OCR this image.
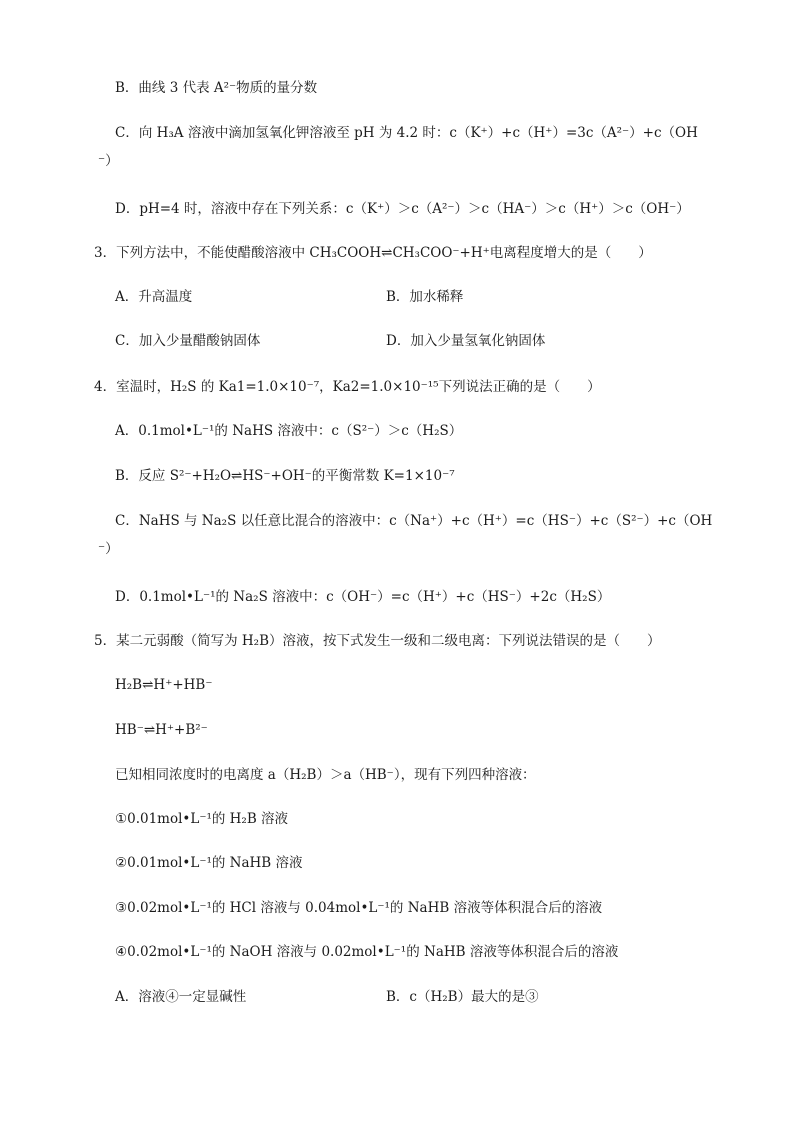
B．曲线 3 代表 A²⁻物质的量分数
C．向 H₃A 溶液中滴加氢氧化钾溶液至 pH 为 4.2 时：c（K⁺）+c（H⁺）=3c（A²⁻）+c（OH
⁻）
D．pH=4 时，溶液中存在下列关系：c（K⁺）＞c（A²⁻）＞c（HA⁻）＞c（H⁺）＞c（OH⁻）
3．下列方法中，不能使醋酸溶液中 CH₃COOH⇌CH₃COO⁻+H⁺电离程度增大的是（　　）
A．升高温度	B．加水稀释
C．加入少量醋酸钠固体	D．加入少量氢氧化钠固体
4．室温时，H₂S 的 Ka1=1.0×10⁻⁷，Ka2=1.0×10⁻¹⁵下列说法正确的是（　　）
A．0.1mol•L⁻¹的 NaHS 溶液中：c（S²⁻）＞c（H₂S）
B．反应 S²⁻+H₂O⇌HS⁻+OH⁻的平衡常数 K=1×10⁻⁷
C．NaHS 与 Na₂S 以任意比混合的溶液中：c（Na⁺）+c（H⁺）=c（HS⁻）+c（S²⁻）+c（OH
⁻）
D．0.1mol•L⁻¹的 Na₂S 溶液中：c（OH⁻）=c（H⁺）+c（HS⁻）+2c（H₂S）
5．某二元弱酸（简写为 H₂B）溶液，按下式发生一级和二级电离：下列说法错误的是（　　）
H₂B⇌H⁺+HB⁻
HB⁻⇌H⁺+B²⁻
已知相同浓度时的电离度 a（H₂B）＞a（HB⁻），现有下列四种溶液：
①0.01mol•L⁻¹的 H₂B 溶液
②0.01mol•L⁻¹的 NaHB 溶液
③0.02mol•L⁻¹的 HCl 溶液与 0.04mol•L⁻¹的 NaHB 溶液等体积混合后的溶液
④0.02mol•L⁻¹的 NaOH 溶液与 0.02mol•L⁻¹的 NaHB 溶液等体积混合后的溶液
A．溶液④一定显碱性	B．c（H₂B）最大的是③
